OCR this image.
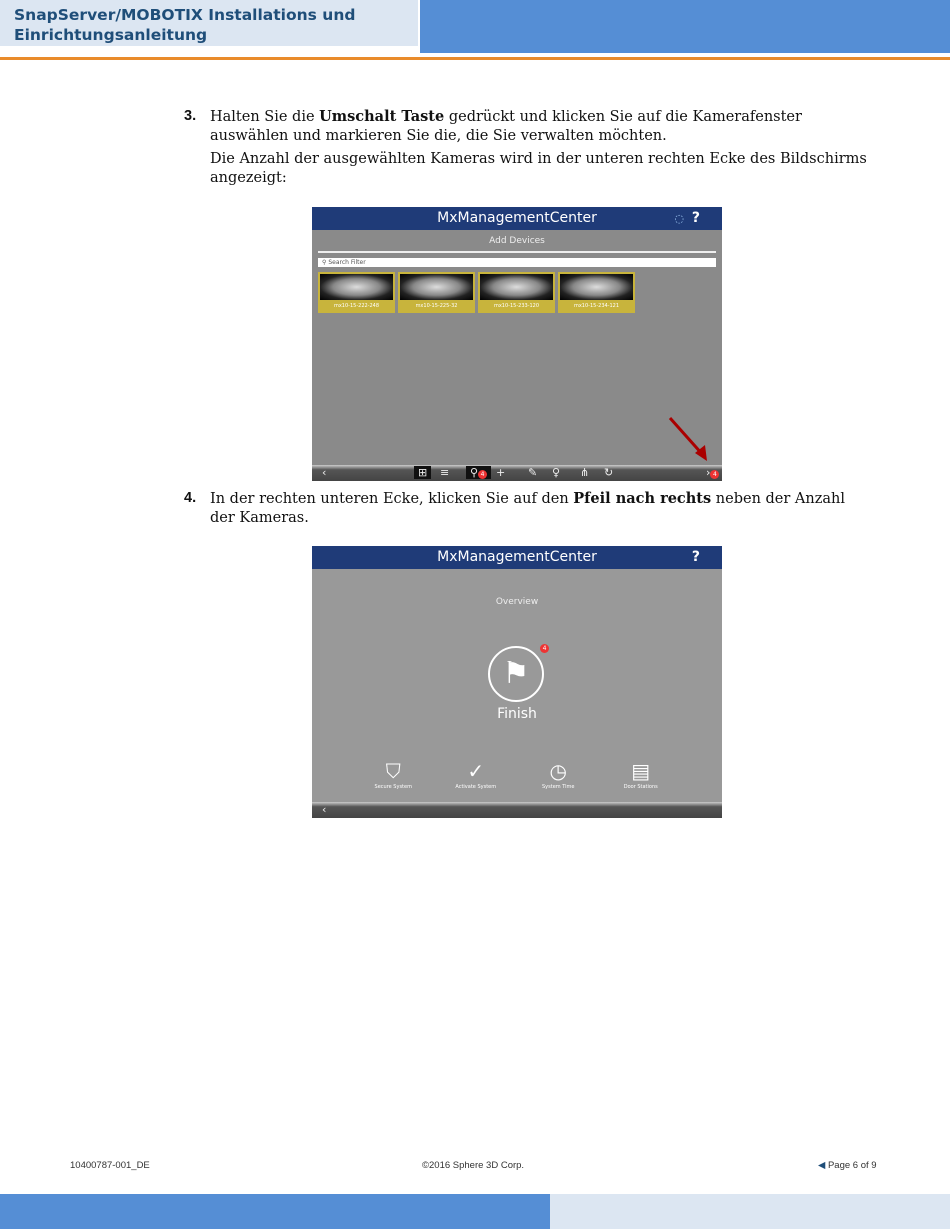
SnapServer/MOBOTIX Installations und
Einrichtungsanleitung
3. Halten Sie die Umschalt Taste gedrückt und klicken Sie auf die Kamerafenster auswählen und markieren Sie die, die Sie verwalten möchten.
Die Anzahl der ausgewählten Kameras wird in der unteren rechten Ecke des Bildschirms angezeigt:
MxManagementCenter	◌ ?
Add Devices
⚲ Search Filter
mx10-15-222-248	mx10-15-225-32	mx10-15-233-120	mx10-15-234-121
‹	⊞	≡	⚲ 4	+ ✎ ♀ ⋔ ↻	› 4
4. In der rechten unteren Ecke, klicken Sie auf den Pfeil nach rechts neben der Anzahl der Kameras.
MxManagementCenter	?
Overview
⚑
4
Finish
⛉
Secure System
✓
Activate System
◷
System Time
▤
Door Stations
‹
10400787-001_DE	©2016 Sphere 3D Corp.	◀ Page 6 of 9
